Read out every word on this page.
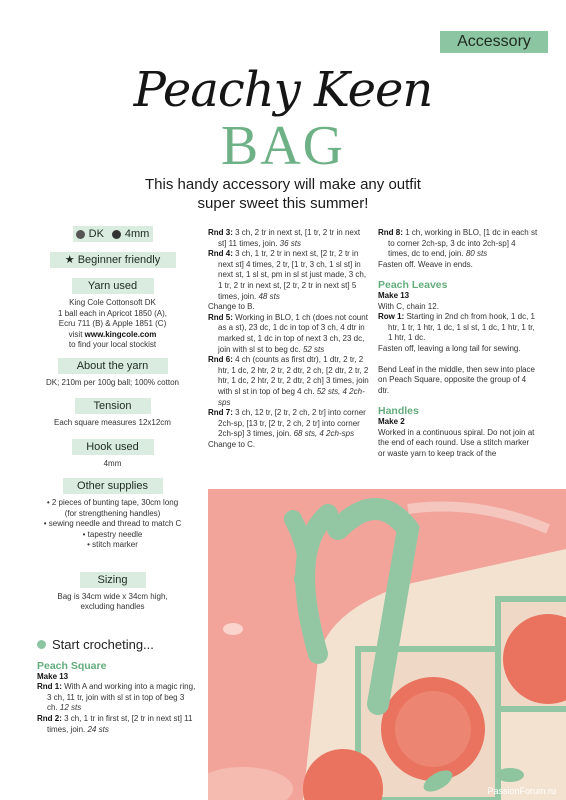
Accessory
Peachy Keen
BAG
This handy accessory will make any outfit
super sweet this summer!
DK 4mm
★ Beginner friendly
Yarn used
King Cole Cottonsoft DK
1 ball each in Apricot 1850 (A),
Ecru 711 (B) & Apple 1851 (C)
visit www.kingcole.com
to find your local stockist
About the yarn
DK; 210m per 100g ball; 100% cotton
Tension
Each square measures 12x12cm
Hook used
4mm
Other supplies
• 2 pieces of bunting tape, 30cm long
(for strengthening handles)
• sewing needle and thread to match C
• tapestry needle
• stitch marker
Sizing
Bag is 34cm wide x 34cm high,
excluding handles
Start crocheting...
Peach Square
Make 13
Rnd 1: With A and working into a magic ring, 3 ch, 11 tr, join with sl st in top of beg 3 ch. 12 sts
Rnd 2: 3 ch, 1 tr in first st, [2 tr in next st] 11 times, join. 24 sts
Rnd 3: 3 ch, 2 tr in next st, [1 tr, 2 tr in next st] 11 times, join. 36 sts
Rnd 4: 3 ch, 1 tr, 2 tr in next st, [2 tr, 2 tr in next st] 4 times, 2 tr, [1 tr, 3 ch, 1 sl st] in next st, 1 sl st, pm in sl st just made, 3 ch, 1 tr, 2 tr in next st, [2 tr, 2 tr in next st] 5 times, join. 48 sts
Change to B.
Rnd 5: Working in BLO, 1 ch (does not count as a st), 23 dc, 1 dc in top of 3 ch, 4 dtr in marked st, 1 dc in top of next 3 ch, 23 dc, join with sl st to beg dc. 52 sts
Rnd 6: 4 ch (counts as first dtr), 1 dtr, 2 tr, 2 htr, 1 dc, 2 htr, 2 tr, 2 dtr, 2 ch, [2 dtr, 2 tr, 2 htr, 1 dc, 2 htr, 2 tr, 2 dtr, 2 ch] 3 times, join with sl st in top of beg 4 ch. 52 sts, 4 2ch-sps
Rnd 7: 3 ch, 12 tr, [2 tr, 2 ch, 2 tr] into corner 2ch-sp, [13 tr, [2 tr, 2 ch, 2 tr] into corner 2ch-sp] 3 times, join. 68 sts, 4 2ch-sps
Change to C.
Rnd 8: 1 ch, working in BLO, [1 dc in each st to corner 2ch-sp, 3 dc into 2ch-sp] 4 times, dc to end, join. 80 sts
Fasten off. Weave in ends.
Peach Leaves
Make 13
With C, chain 12.
Row 1: Starting in 2nd ch from hook, 1 dc, 1 htr, 1 tr, 1 htr, 1 dc, 1 sl st, 1 dc, 1 htr, 1 tr, 1 htr, 1 dc.
Fasten off, leaving a long tail for sewing.
Bend Leaf in the middle, then sew into place on Peach Square, opposite the group of 4 dtr.
Handles
Make 2
Worked in a continuous spiral. Do not join at the end of each round. Use a stitch marker or waste yarn to keep track of the
PassionForum.ru
